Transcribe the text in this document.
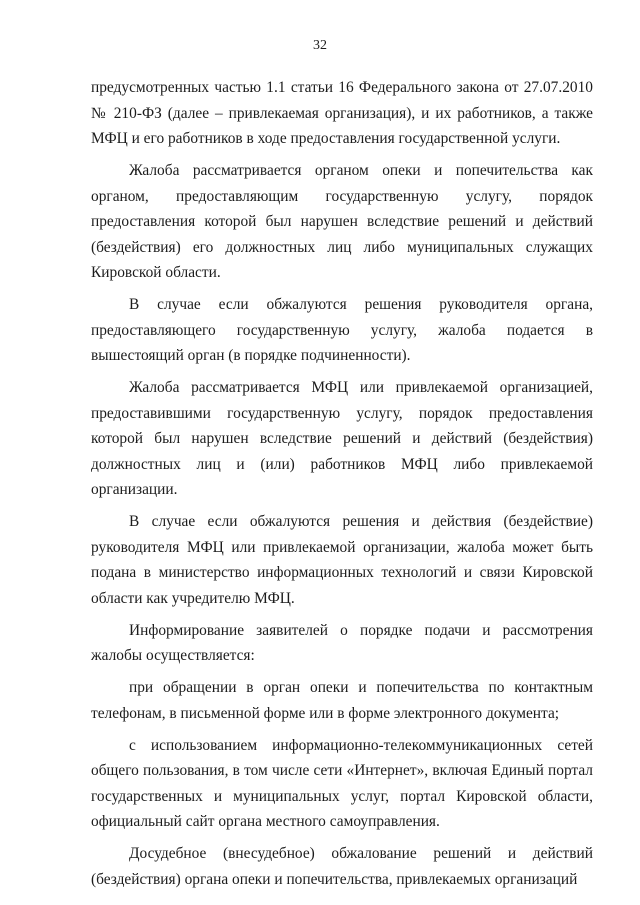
32

предусмотренных частью 1.1 статьи 16 Федерального закона от 27.07.2010 № 210-ФЗ (далее – привлекаемая организация), и их работников, а также МФЦ и его работников в ходе предоставления государственной услуги.

Жалоба рассматривается органом опеки и попечительства как органом, предоставляющим государственную услугу, порядок предоставления которой был нарушен вследствие решений и действий (бездействия) его должностных лиц либо муниципальных служащих Кировской области.

В случае если обжалуются решения руководителя органа, предоставляющего государственную услугу, жалоба подается в вышестоящий орган (в порядке подчиненности).

Жалоба рассматривается МФЦ или привлекаемой организацией, предоставившими государственную услугу, порядок предоставления которой был нарушен вследствие решений и действий (бездействия) должностных лиц и (или) работников МФЦ либо привлекаемой организации.

В случае если обжалуются решения и действия (бездействие) руководителя МФЦ или привлекаемой организации, жалоба может быть подана в министерство информационных технологий и связи Кировской области как учредителю МФЦ.

Информирование заявителей о порядке подачи и рассмотрения жалобы осуществляется:

при обращении в орган опеки и попечительства по контактным телефонам, в письменной форме или в форме электронного документа;

с использованием информационно-телекоммуникационных сетей общего пользования, в том числе сети «Интернет», включая Единый портал государственных и муниципальных услуг, портал Кировской области, официальный сайт органа местного самоуправления.

Досудебное (внесудебное) обжалование решений и действий (бездействия) органа опеки и попечительства, привлекаемых организаций
